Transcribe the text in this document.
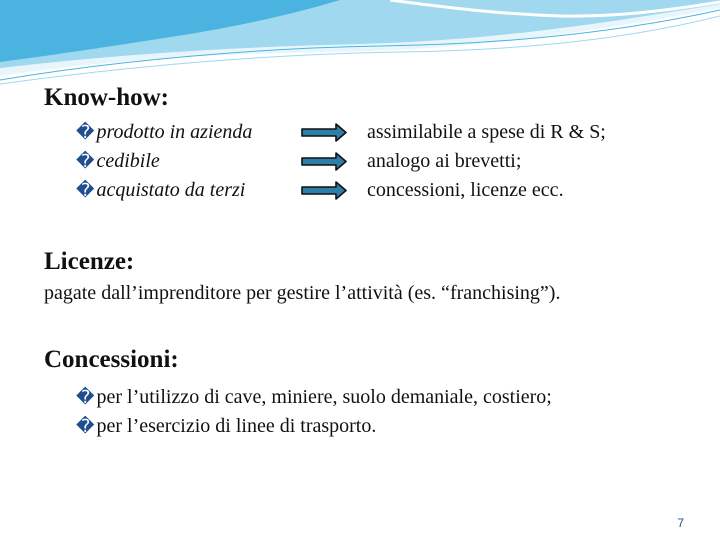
Know-how:
� prodotto in azienda
� cedibile
� acquistato da terzi
assimilabile a spese di R & S;
analogo ai brevetti;
concessioni, licenze ecc.
Licenze:
pagate dall’imprenditore per gestire l’attività (es. “franchising”).
Concessioni:
� per l’utilizzo di cave, miniere, suolo demaniale, costiero;
� per l’esercizio di linee di trasporto.
7
